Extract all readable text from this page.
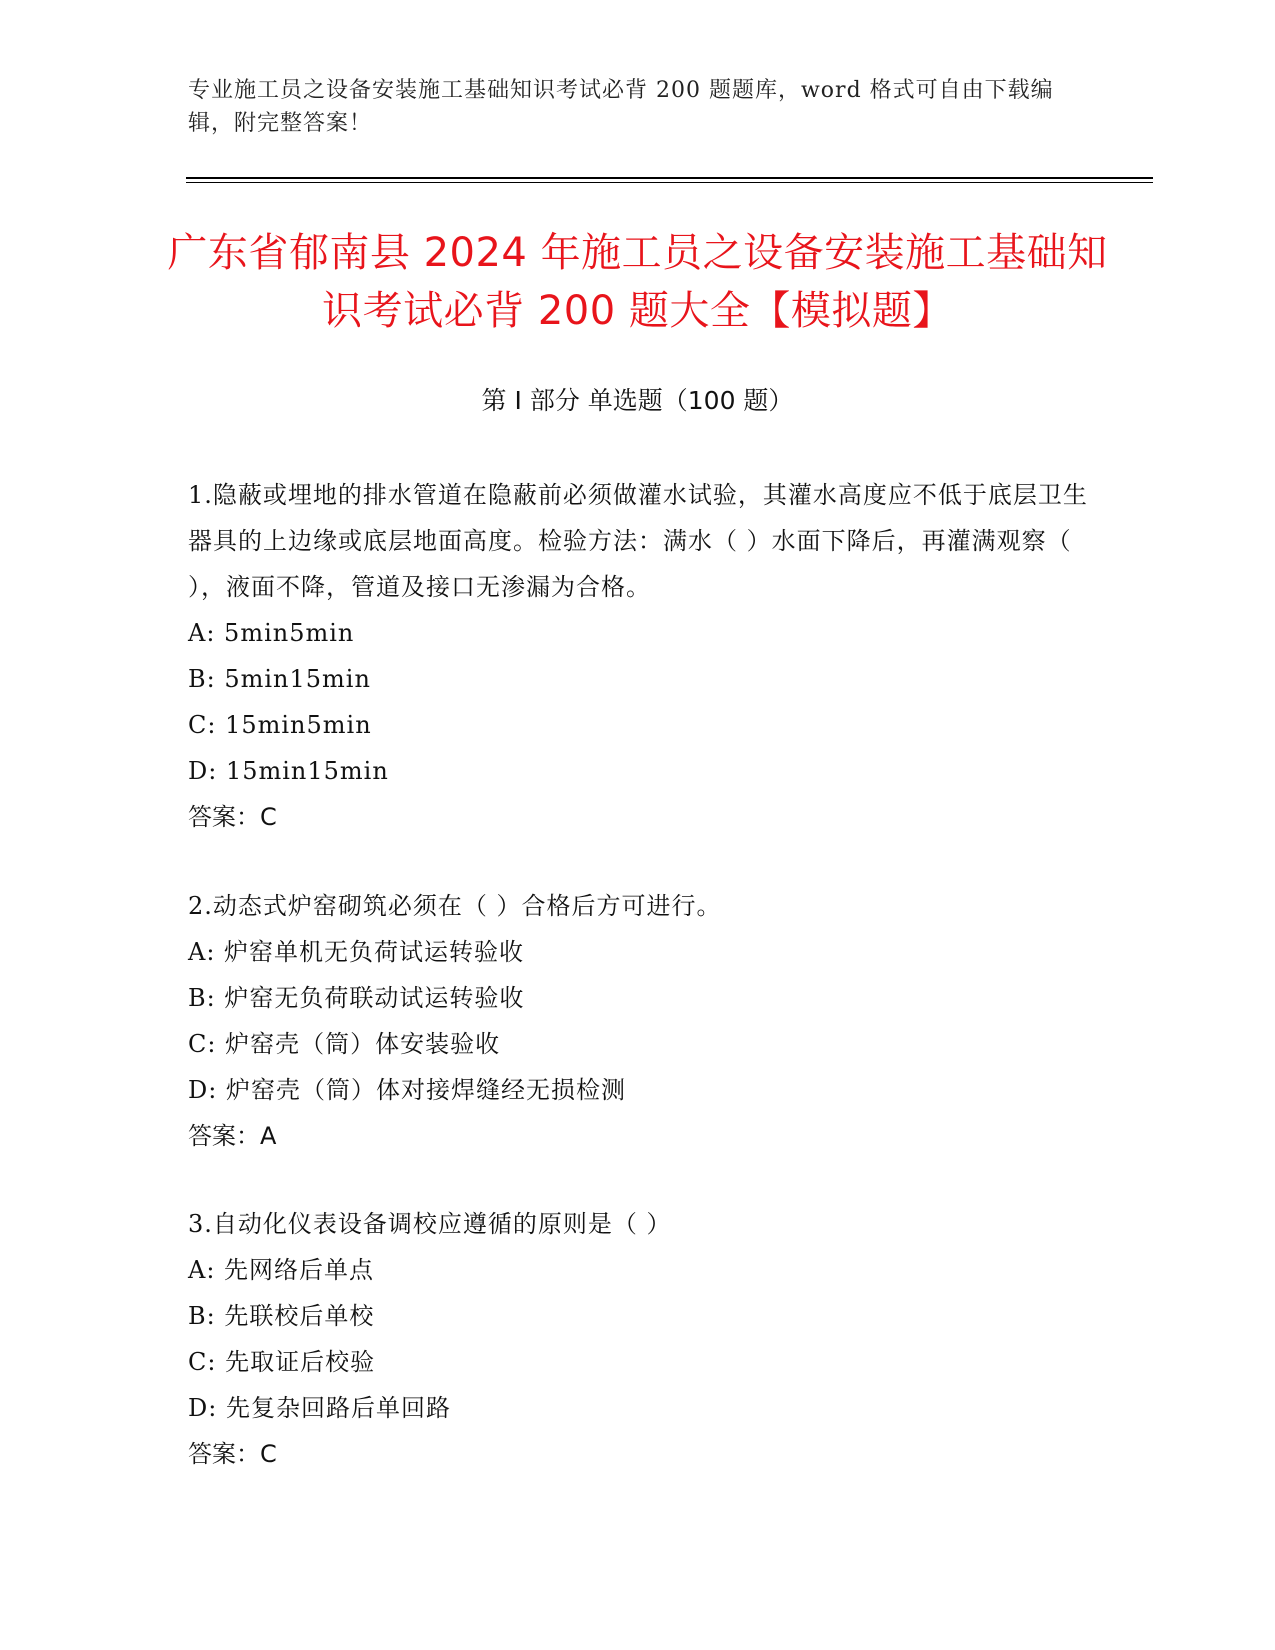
专业施工员之设备安装施工基础知识考试必背 200 题题库，word 格式可自由下载编辑，附完整答案！
广东省郁南县 2024 年施工员之设备安装施工基础知识考试必背 200 题大全【模拟题】
第 I 部分 单选题（100 题）
1.隐蔽或埋地的排水管道在隐蔽前必须做灌水试验，其灌水高度应不低于底层卫生器具的上边缘或底层地面高度。检验方法：满水（ ）水面下降后，再灌满观察（ ），液面不降，管道及接口无渗漏为合格。
A: 5min5min
B: 5min15min
C: 15min5min
D: 15min15min
答案：C
2.动态式炉窑砌筑必须在（ ）合格后方可进行。
A: 炉窑单机无负荷试运转验收
B: 炉窑无负荷联动试运转验收
C: 炉窑壳（筒）体安装验收
D: 炉窑壳（筒）体对接焊缝经无损检测
答案：A
3.自动化仪表设备调校应遵循的原则是（ ）
A: 先网络后单点
B: 先联校后单校
C: 先取证后校验
D: 先复杂回路后单回路
答案：C
